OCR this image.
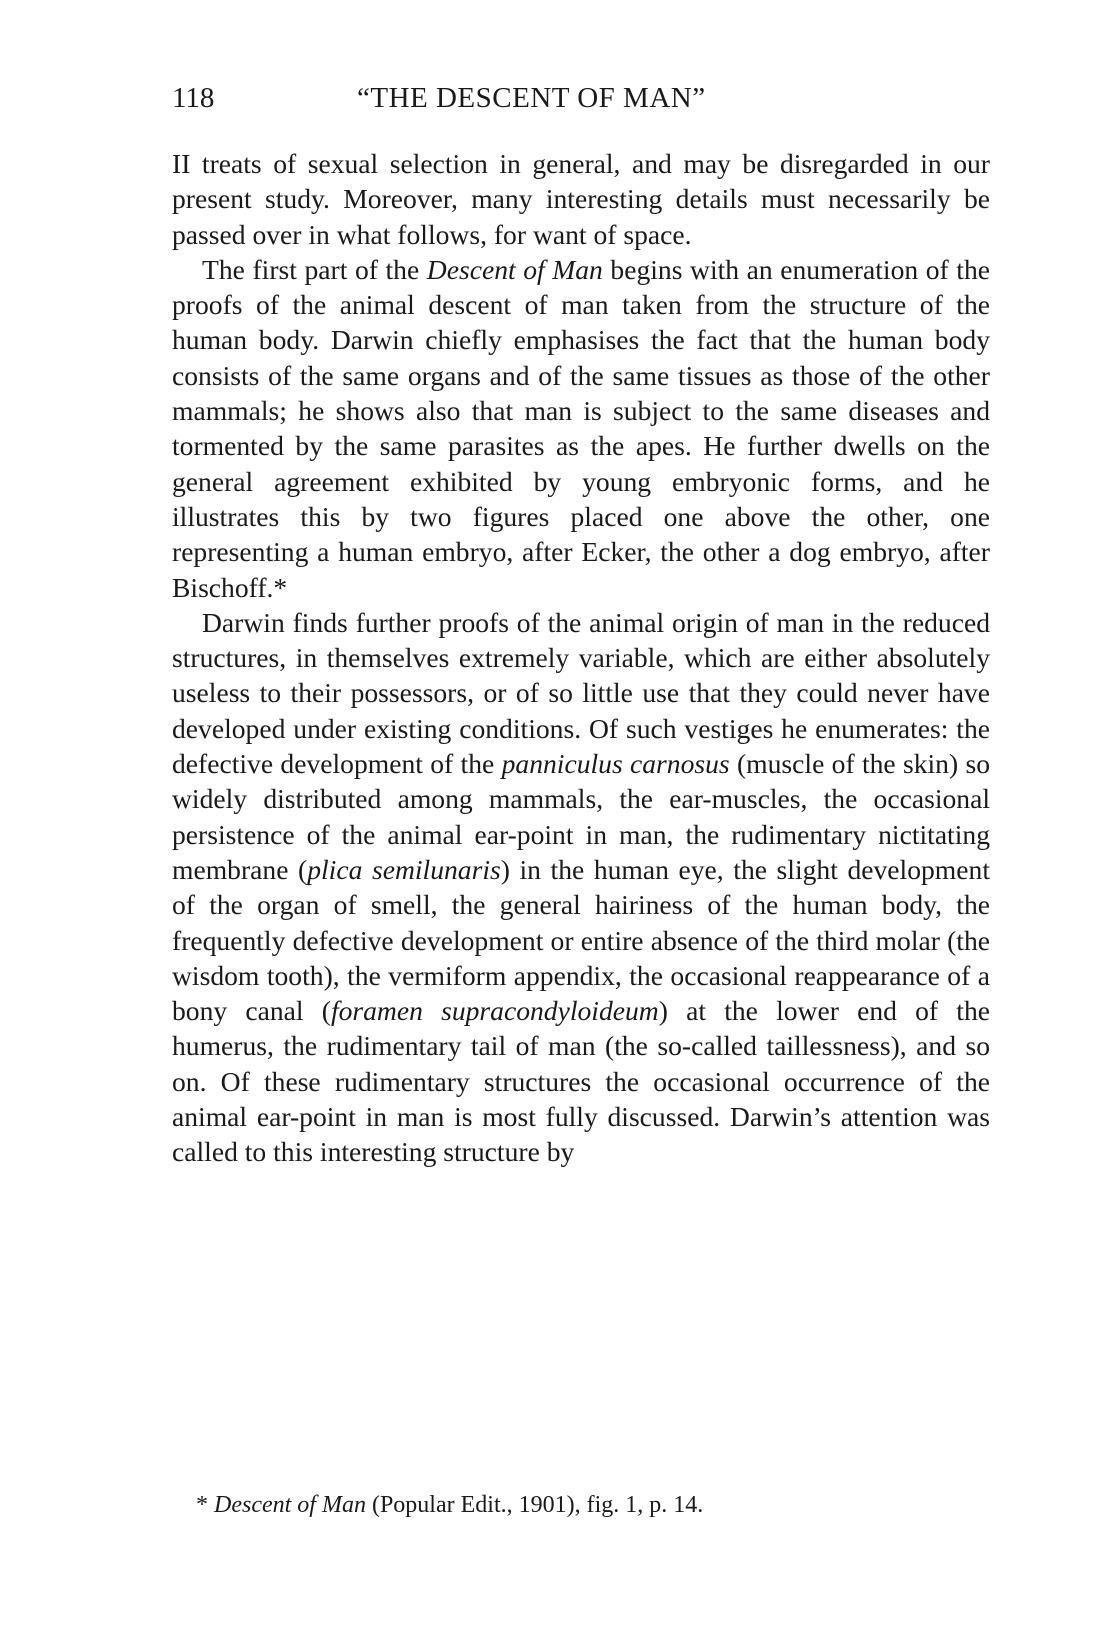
118	“THE DESCENT OF MAN”

II treats of sexual selection in general, and may be disregarded in our present study. Moreover, many interesting details must necessarily be passed over in what follows, for want of space.

The first part of the Descent of Man begins with an enumeration of the proofs of the animal descent of man taken from the structure of the human body. Darwin chiefly emphasises the fact that the human body consists of the same organs and of the same tissues as those of the other mammals; he shows also that man is subject to the same diseases and tormented by the same parasites as the apes. He further dwells on the general agreement exhibited by young embryonic forms, and he illustrates this by two figures placed one above the other, one representing a human embryo, after Ecker, the other a dog embryo, after Bischoff.*

Darwin finds further proofs of the animal origin of man in the reduced structures, in themselves extremely variable, which are either absolutely useless to their possessors, or of so little use that they could never have developed under existing conditions. Of such vestiges he enumerates: the defective development of the panniculus carnosus (muscle of the skin) so widely distributed among mammals, the ear-muscles, the occasional persistence of the animal ear-point in man, the rudimentary nictitating membrane (plica semilunaris) in the human eye, the slight development of the organ of smell, the general hairiness of the human body, the frequently defective development or entire absence of the third molar (the wisdom tooth), the vermiform appendix, the occasional reappearance of a bony canal (foramen supracondyloideum) at the lower end of the humerus, the rudimentary tail of man (the so-called taillessness), and so on. Of these rudimentary structures the occasional occurrence of the animal ear-point in man is most fully discussed. Darwin’s attention was called to this interesting structure by

* Descent of Man (Popular Edit., 1901), fig. 1, p. 14.
